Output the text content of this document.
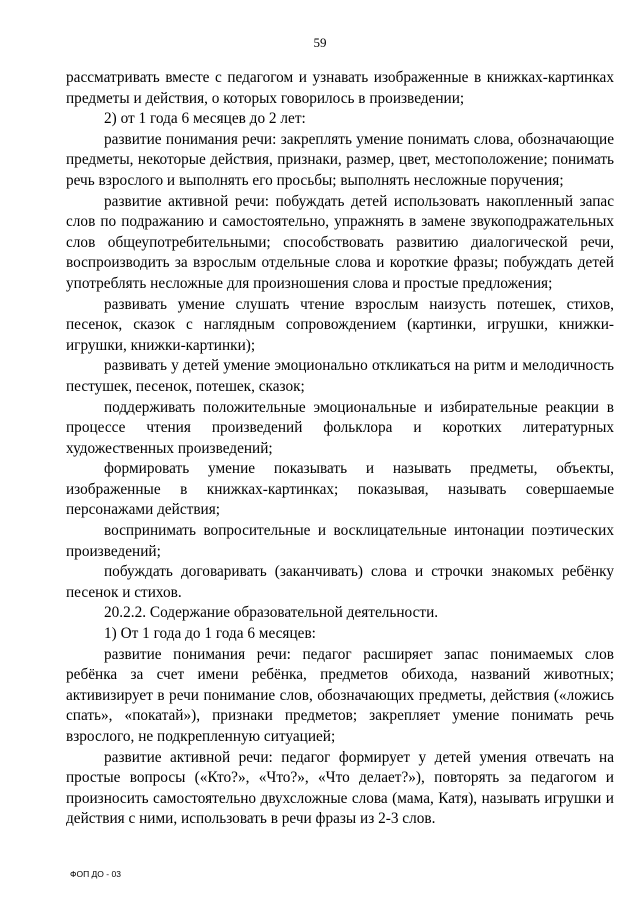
59

рассматривать вместе с педагогом и узнавать изображенные в книжках-картинках предметы и действия, о которых говорилось в произведении;

2) от 1 года 6 месяцев до 2 лет:

развитие понимания речи: закреплять умение понимать слова, обозначающие предметы, некоторые действия, признаки, размер, цвет, местоположение; понимать речь взрослого и выполнять его просьбы; выполнять несложные поручения;

развитие активной речи: побуждать детей использовать накопленный запас слов по подражанию и самостоятельно, упражнять в замене звукоподражательных слов общеупотребительными; способствовать развитию диалогической речи, воспроизводить за взрослым отдельные слова и короткие фразы; побуждать детей употреблять несложные для произношения слова и простые предложения;

развивать умение слушать чтение взрослым наизусть потешек, стихов, песенок, сказок с наглядным сопровождением (картинки, игрушки, книжки-игрушки, книжки-картинки);

развивать у детей умение эмоционально откликаться на ритм и мелодичность пестушек, песенок, потешек, сказок;

поддерживать положительные эмоциональные и избирательные реакции в процессе чтения произведений фольклора и коротких литературных художественных произведений;

формировать умение показывать и называть предметы, объекты, изображенные в книжках-картинках; показывая, называть совершаемые персонажами действия;

воспринимать вопросительные и восклицательные интонации поэтических произведений;

побуждать договаривать (заканчивать) слова и строчки знакомых ребёнку песенок и стихов.

20.2.2. Содержание образовательной деятельности.

1) От 1 года до 1 года 6 месяцев:

развитие понимания речи: педагог расширяет запас понимаемых слов ребёнка за счет имени ребёнка, предметов обихода, названий животных; активизирует в речи понимание слов, обозначающих предметы, действия («ложись спать», «покатай»), признаки предметов; закрепляет умение понимать речь взрослого, не подкрепленную ситуацией;

развитие активной речи: педагог формирует у детей умения отвечать на простые вопросы («Кто?», «Что?», «Что делает?»), повторять за педагогом и произносить самостоятельно двухсложные слова (мама, Катя), называть игрушки и действия с ними, использовать в речи фразы из 2-3 слов.

ФОП ДО - 03
